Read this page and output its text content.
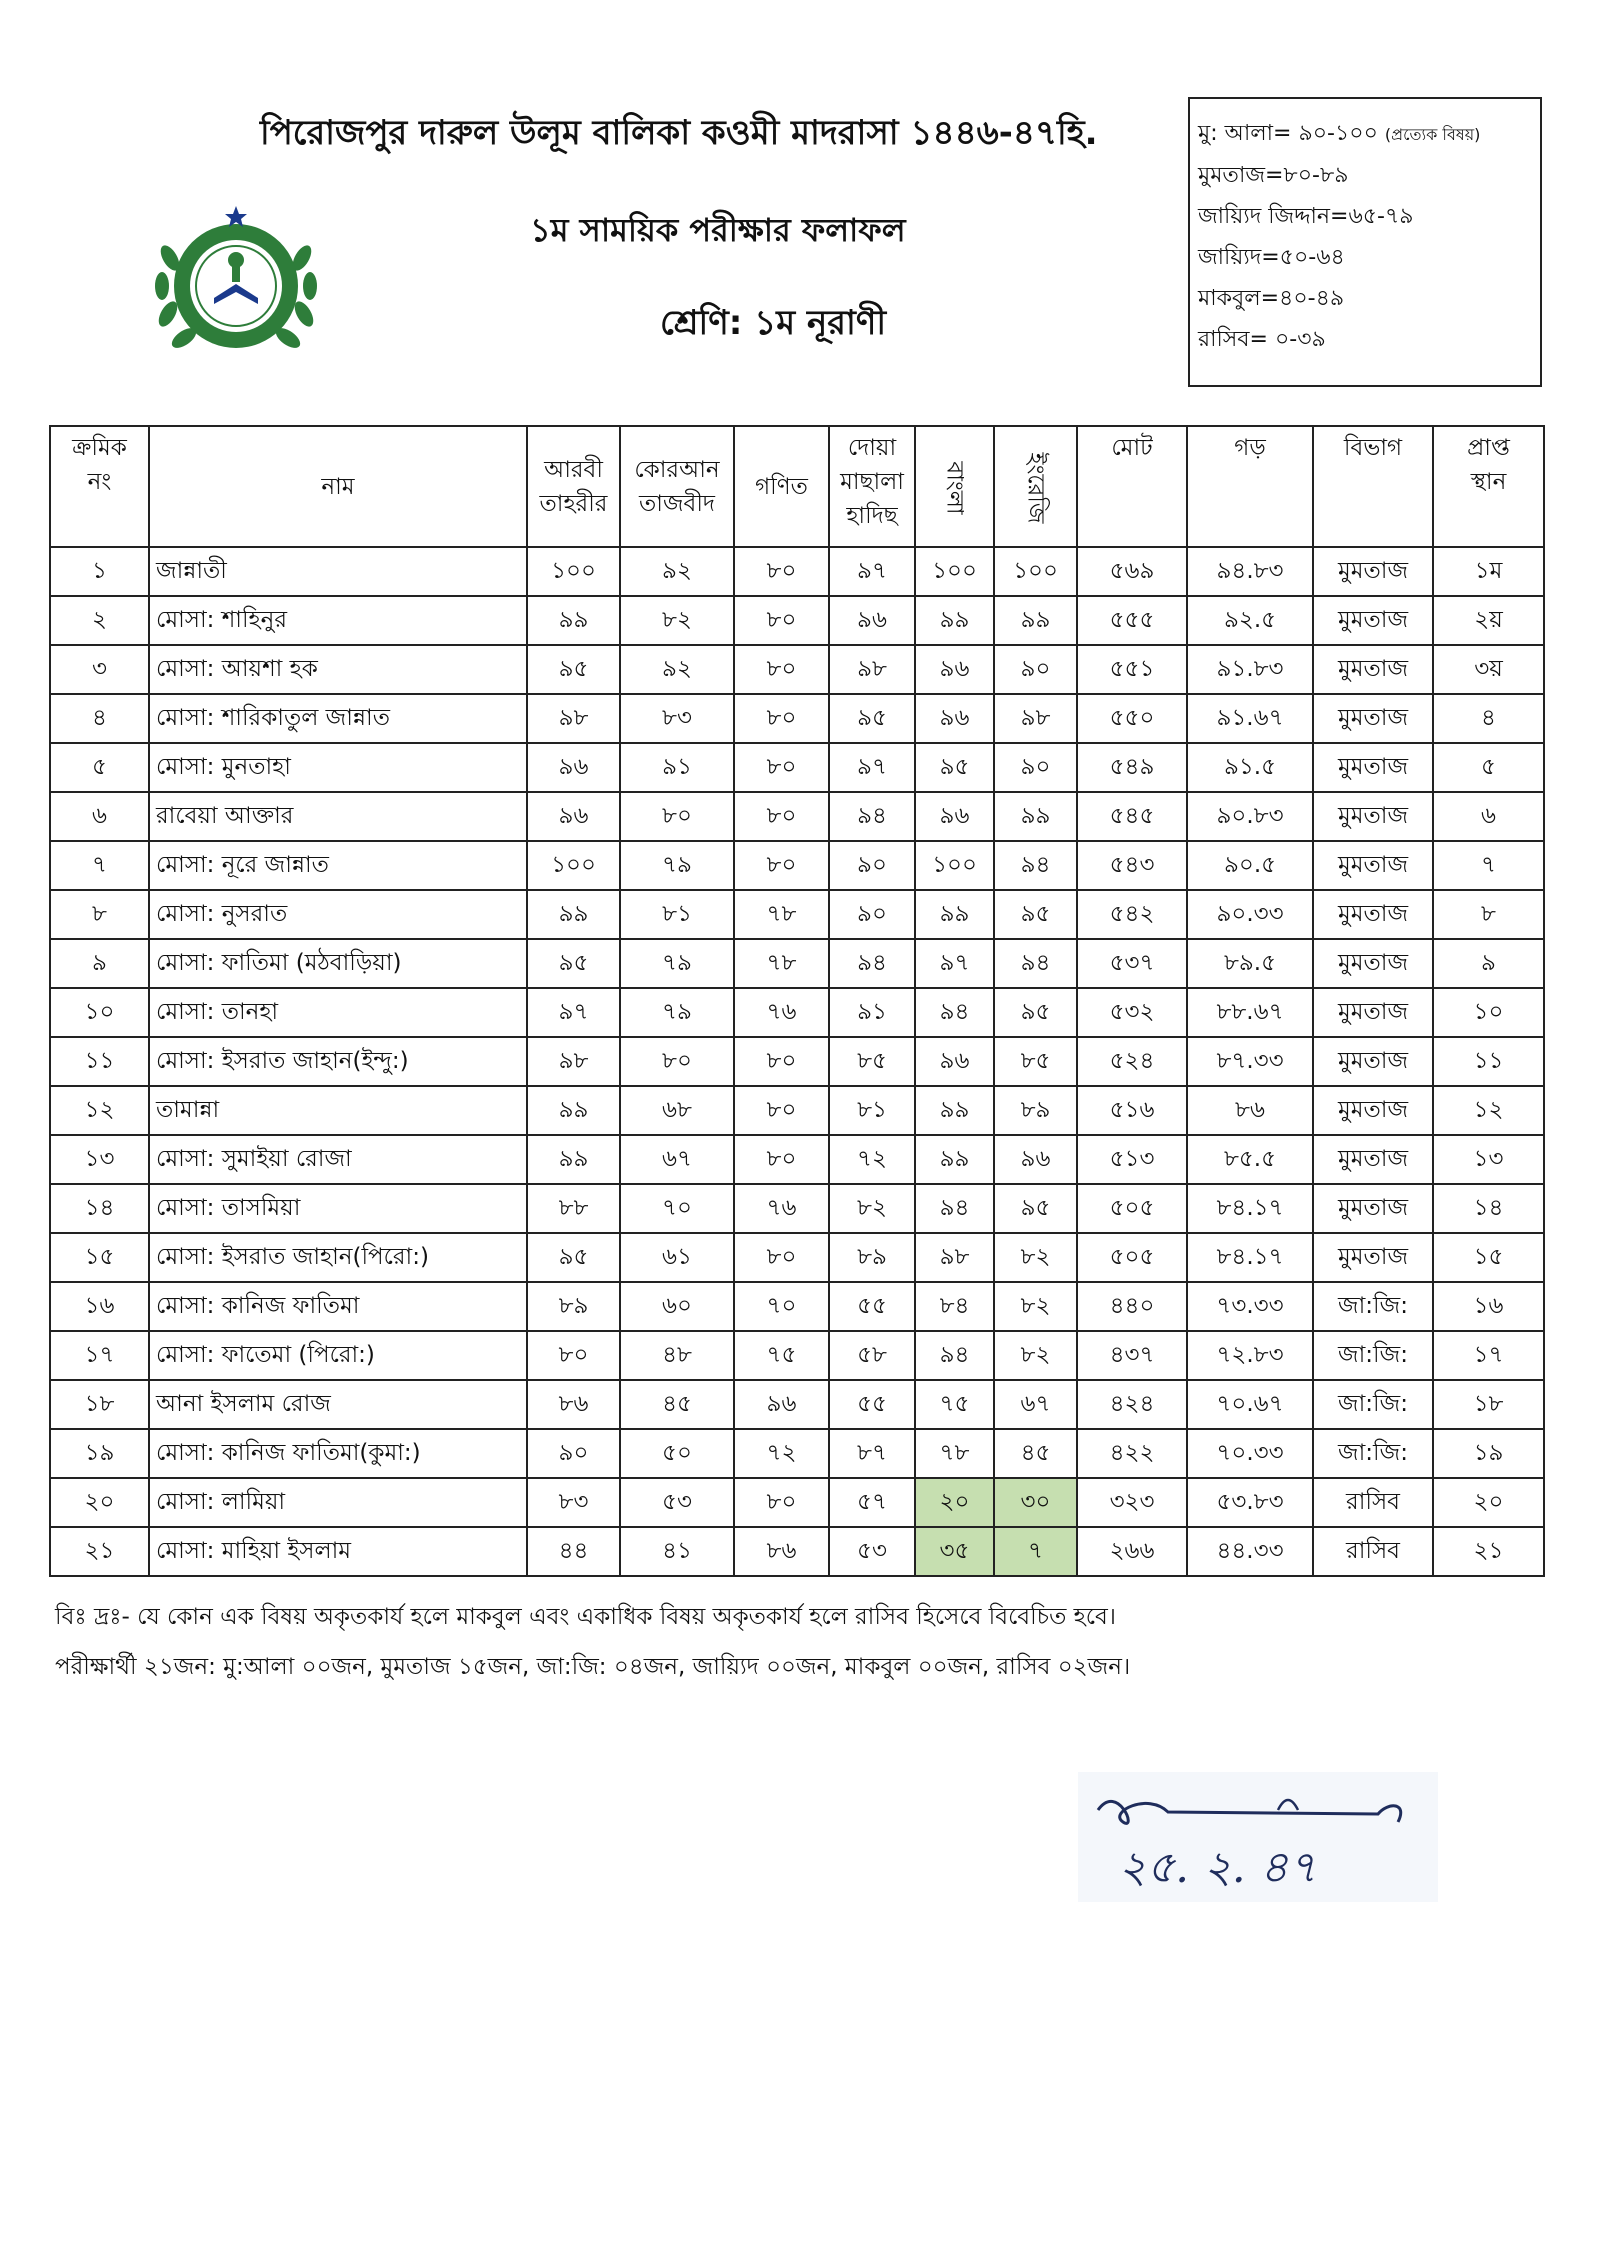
পিরোজপুর দারুল উলূম বালিকা কওমী মাদরাসা ১৪৪৬-৪৭হি.
১ম সাময়িক পরীক্ষার ফলাফল
শ্রেণি: ১ম নূরাণী
মু: আলা= ৯০-১০০ (প্রত্যেক বিষয়)
মুমতাজ=৮০-৮৯
জায়্যিদ জিদ্দান=৬৫-৭৯
জায়্যিদ=৫০-৬৪
মাকবুল=৪০-৪৯
রাসিব= ০-৩৯
ক্রমিক
নং	নাম	আরবী
তাহরীর	কোরআন
তাজবীদ	গণিত	দোয়া
মাছালা
হাদিছ	বাংলা	ইংরেজি	মোট	গড়	বিভাগ	প্রাপ্ত
স্থান
১	জান্নাতী	১০০	৯২	৮০	৯৭	১০০	১০০	৫৬৯	৯৪.৮৩	মুমতাজ	১ম
২	মোসা: শাহিনুর	৯৯	৮২	৮০	৯৬	৯৯	৯৯	৫৫৫	৯২.৫	মুমতাজ	২য়
৩	মোসা: আয়শা হক	৯৫	৯২	৮০	৯৮	৯৬	৯০	৫৫১	৯১.৮৩	মুমতাজ	৩য়
৪	মোসা: শারিকাতুল জান্নাত	৯৮	৮৩	৮০	৯৫	৯৬	৯৮	৫৫০	৯১.৬৭	মুমতাজ	৪
৫	মোসা: মুনতাহা	৯৬	৯১	৮০	৯৭	৯৫	৯০	৫৪৯	৯১.৫	মুমতাজ	৫
৬	রাবেয়া আক্তার	৯৬	৮০	৮০	৯৪	৯৬	৯৯	৫৪৫	৯০.৮৩	মুমতাজ	৬
৭	মোসা: নূরে জান্নাত	১০০	৭৯	৮০	৯০	১০০	৯৪	৫৪৩	৯০.৫	মুমতাজ	৭
৮	মোসা: নুসরাত	৯৯	৮১	৭৮	৯০	৯৯	৯৫	৫৪২	৯০.৩৩	মুমতাজ	৮
৯	মোসা: ফাতিমা (মঠবাড়িয়া)	৯৫	৭৯	৭৮	৯৪	৯৭	৯৪	৫৩৭	৮৯.৫	মুমতাজ	৯
১০	মোসা: তানহা	৯৭	৭৯	৭৬	৯১	৯৪	৯৫	৫৩২	৮৮.৬৭	মুমতাজ	১০
১১	মোসা: ইসরাত জাহান(ইন্দু:)	৯৮	৮০	৮০	৮৫	৯৬	৮৫	৫২৪	৮৭.৩৩	মুমতাজ	১১
১২	তামান্না	৯৯	৬৮	৮০	৮১	৯৯	৮৯	৫১৬	৮৬	মুমতাজ	১২
১৩	মোসা: সুমাইয়া রোজা	৯৯	৬৭	৮০	৭২	৯৯	৯৬	৫১৩	৮৫.৫	মুমতাজ	১৩
১৪	মোসা: তাসমিয়া	৮৮	৭০	৭৬	৮২	৯৪	৯৫	৫০৫	৮৪.১৭	মুমতাজ	১৪
১৫	মোসা: ইসরাত জাহান(পিরো:)	৯৫	৬১	৮০	৮৯	৯৮	৮২	৫০৫	৮৪.১৭	মুমতাজ	১৫
১৬	মোসা: কানিজ ফাতিমা	৮৯	৬০	৭০	৫৫	৮৪	৮২	৪৪০	৭৩.৩৩	জা:জি:	১৬
১৭	মোসা: ফাতেমা (পিরো:)	৮০	৪৮	৭৫	৫৮	৯৪	৮২	৪৩৭	৭২.৮৩	জা:জি:	১৭
১৮	আনা ইসলাম রোজ	৮৬	৪৫	৯৬	৫৫	৭৫	৬৭	৪২৪	৭০.৬৭	জা:জি:	১৮
১৯	মোসা: কানিজ ফাতিমা(কুমা:)	৯০	৫০	৭২	৮৭	৭৮	৪৫	৪২২	৭০.৩৩	জা:জি:	১৯
২০	মোসা: লামিয়া	৮৩	৫৩	৮০	৫৭	২০	৩০	৩২৩	৫৩.৮৩	রাসিব	২০
২১	মোসা: মাহিয়া ইসলাম	৪৪	৪১	৮৬	৫৩	৩৫	৭	২৬৬	৪৪.৩৩	রাসিব	২১
বিঃ দ্রঃ- যে কোন এক বিষয় অকৃতকার্য হলে মাকবুল এবং একাধিক বিষয় অকৃতকার্য হলে রাসিব হিসেবে বিবেচিত হবে।
পরীক্ষার্থী ২১জন: মু:আলা ০০জন, মুমতাজ ১৫জন, জা:জি: ০৪জন, জায়্যিদ ০০জন, মাকবুল ০০জন, রাসিব ০২জন।
২৫. ২. ৪৭
